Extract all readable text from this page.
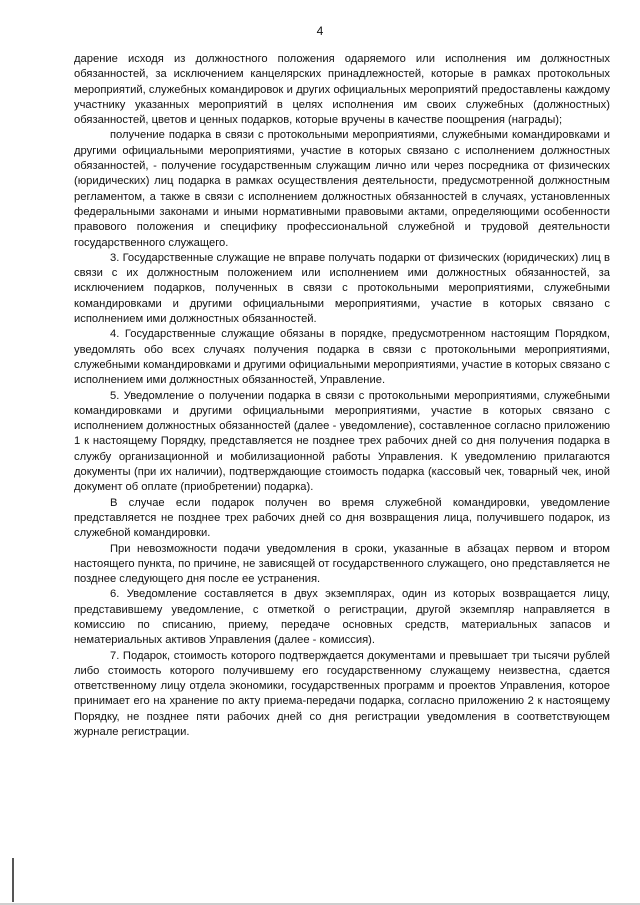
4

дарение исходя из должностного положения одаряемого или исполнения им должностных обязанностей, за исключением канцелярских принадлежностей, которые в рамках протокольных мероприятий, служебных командировок и других официальных мероприятий предоставлены каждому участнику указанных мероприятий в целях исполнения им своих служебных (должностных) обязанностей, цветов и ценных подарков, которые вручены в качестве поощрения (награды);

получение подарка в связи с протокольными мероприятиями, служебными командировками и другими официальными мероприятиями, участие в которых связано с исполнением должностных обязанностей, - получение государственным служащим лично или через посредника от физических (юридических) лиц подарка в рамках осуществления деятельности, предусмотренной должностным регламентом, а также в связи с исполнением должностных обязанностей в случаях, установленных федеральными законами и иными нормативными правовыми актами, определяющими особенности правового положения и специфику профессиональной служебной и трудовой деятельности государственного служащего.

3. Государственные служащие не вправе получать подарки от физических (юридических) лиц в связи с их должностным положением или исполнением ими должностных обязанностей, за исключением подарков, полученных в связи с протокольными мероприятиями, служебными командировками и другими официальными мероприятиями, участие в которых связано с исполнением ими должностных обязанностей.

4. Государственные служащие обязаны в порядке, предусмотренном настоящим Порядком, уведомлять обо всех случаях получения подарка в связи с протокольными мероприятиями, служебными командировками и другими официальными мероприятиями, участие в которых связано с исполнением ими должностных обязанностей, Управление.

5. Уведомление о получении подарка в связи с протокольными мероприятиями, служебными командировками и другими официальными мероприятиями, участие в которых связано с исполнением должностных обязанностей (далее - уведомление), составленное согласно приложению 1 к настоящему Порядку, представляется не позднее трех рабочих дней со дня получения подарка в службу организационной и мобилизационной работы Управления. К уведомлению прилагаются документы (при их наличии), подтверждающие стоимость подарка (кассовый чек, товарный чек, иной документ об оплате (приобретении) подарка).

В случае если подарок получен во время служебной командировки, уведомление представляется не позднее трех рабочих дней со дня возвращения лица, получившего подарок, из служебной командировки.

При невозможности подачи уведомления в сроки, указанные в абзацах первом и втором настоящего пункта, по причине, не зависящей от государственного служащего, оно представляется не позднее следующего дня после ее устранения.

6. Уведомление составляется в двух экземплярах, один из которых возвращается лицу, представившему уведомление, с отметкой о регистрации, другой экземпляр направляется в комиссию по списанию, приему, передаче основных средств, материальных запасов и нематериальных активов Управления (далее - комиссия).

7. Подарок, стоимость которого подтверждается документами и превышает три тысячи рублей либо стоимость которого получившему его государственному служащему неизвестна, сдается ответственному лицу отдела экономики, государственных программ и проектов Управления, которое принимает его на хранение по акту приема-передачи подарка, согласно приложению 2 к настоящему Порядку, не позднее пяти рабочих дней со дня регистрации уведомления в соответствующем журнале регистрации.
